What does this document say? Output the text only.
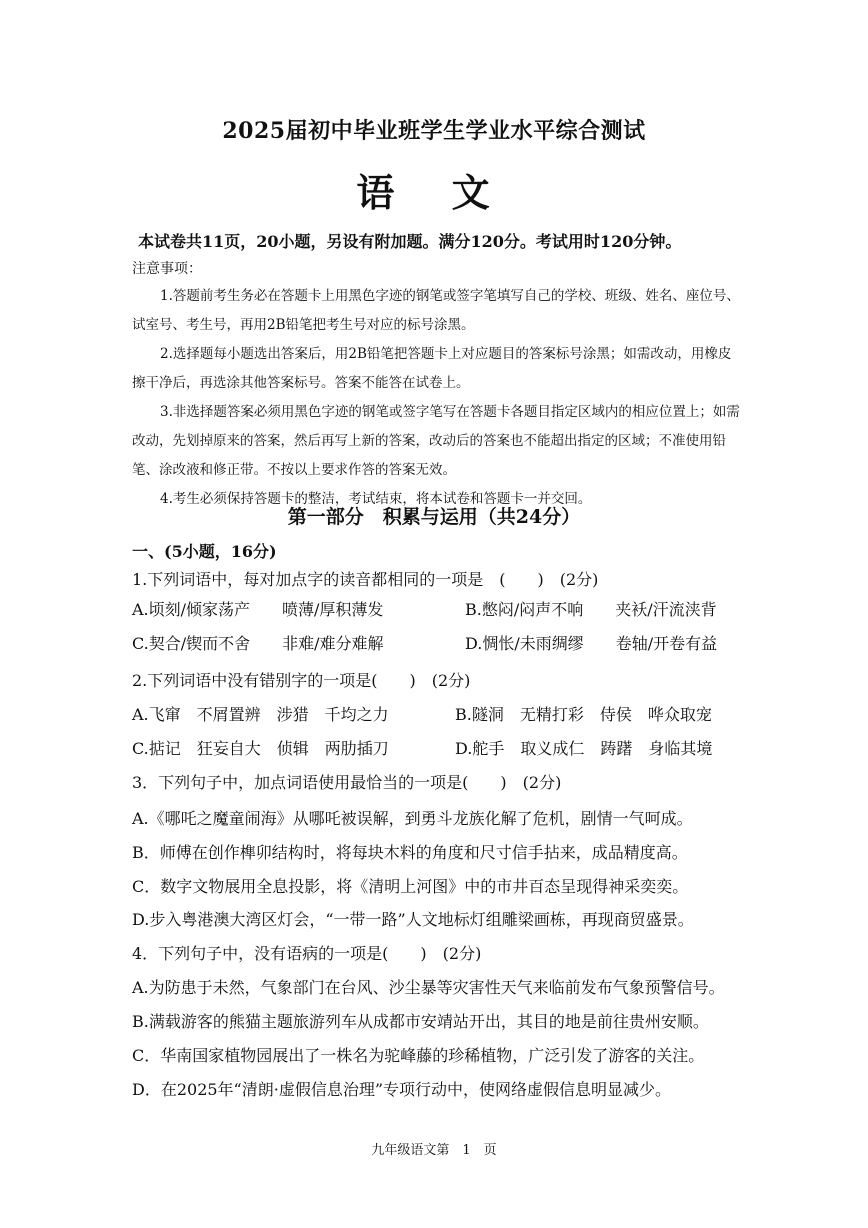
2025届初中毕业班学生学业水平综合测试
语 文
本试卷共11页，20小题，另设有附加题。满分120分。考试用时120分钟。
注意事项：

1.答题前考生务必在答题卡上用黑色字迹的钢笔或签字笔填写自己的学校、班级、姓名、座位号、试室号、考生号，再用2B铅笔把考生号对应的标号涂黑。

2.选择题每小题选出答案后，用2B铅笔把答题卡上对应题目的答案标号涂黑；如需改动，用橡皮擦干净后，再选涂其他答案标号。答案不能答在试卷上。

3.非选择题答案必须用黑色字迹的钢笔或签字笔写在答题卡各题目指定区域内的相应位置上；如需改动，先划掉原来的答案，然后再写上新的答案，改动后的答案也不能超出指定的区域；不准使用铅笔、涂改液和修正带。不按以上要求作答的答案无效。

4.考生必须保持答题卡的整洁，考试结束，将本试卷和答题卡一并交回。

第一部分　积累与运用（共24分）
一、(5小题，16分)
1.下列词语中，每对加点字的读音都相同的一项是　(　　)　(2分)
A.顷刻/倾家荡产　　喷薄/厚积薄发	B.憋闷/闷声不响　　夹袄/汗流浃背
C.契合/锲而不舍　　非难/难分难解	D.惆怅/未雨绸缪　　卷轴/开卷有益
2.下列词语中没有错别字的一项是(　　)　(2分)
A.飞窜　不屑置辨　涉猎　千均之力	B.隧洞　无精打彩　侍侯　哗众取宠
C.掂记　狂妄自大　侦辑　两肋插刀	D.舵手　取义成仁　踌躇　身临其境
3．下列句子中，加点词语使用最恰当的一项是(　　)　(2分)
A.《哪吒之魔童闹海》从哪吒被误解，到勇斗龙族化解了危机，剧情一气呵成。
B．师傅在创作榫卯结构时，将每块木料的角度和尺寸信手拈来，成品精度高。
C．数字文物展用全息投影，将《清明上河图》中的市井百态呈现得神采奕奕。
D.步入粤港澳大湾区灯会，“一带一路”人文地标灯组雕梁画栋，再现商贸盛景。
4．下列句子中，没有语病的一项是(　　)　(2分)
A.为防患于未然，气象部门在台风、沙尘暴等灾害性天气来临前发布气象预警信号。
B.满载游客的熊猫主题旅游列车从成都市安靖站开出，其目的地是前往贵州安顺。
C．华南国家植物园展出了一株名为驼峰藤的珍稀植物，广泛引发了游客的关注。
D．在2025年“清朗·虚假信息治理”专项行动中，使网络虚假信息明显减少。
九年级语文第　1　页
